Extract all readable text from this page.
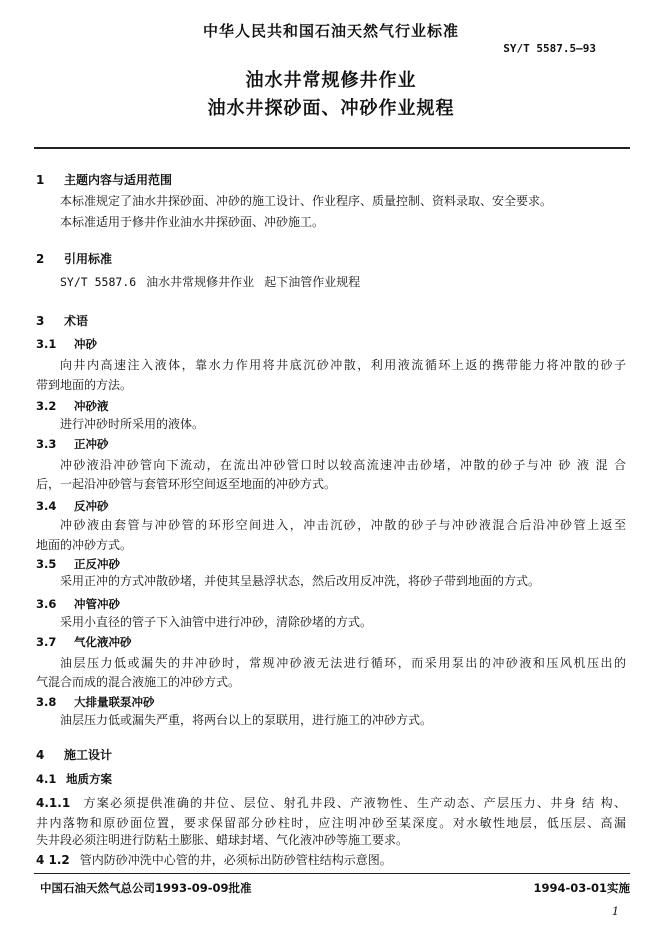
中华人民共和国石油天然气行业标准
SY/T 5587.5—93
油水井常规修井作业
油水井探砂面、冲砂作业规程
1 主题内容与适用范围
本标准规定了油水井探砂面、冲砂的施工设计、作业程序、质量控制、资料录取、安全要求。
本标准适用于修井作业油水井探砂面、冲砂施工。
2 引用标准
SY/T 5587.6 油水井常规修井作业 起下油管作业规程
3 术语
3.1 冲砂
向井内高速注入液体，靠水力作用将井底沉砂冲散，利用液流循环上返的携带能力将冲散的砂子
带到地面的方法。
3.2 冲砂液
进行冲砂时所采用的液体。
3.3 正冲砂
冲砂液沿冲砂管向下流动，在流出冲砂管口时以较高流速冲击砂堵，冲散的砂子与冲 砂 液 混 合
后，一起沿冲砂管与套管环形空间返至地面的冲砂方式。
3.4 反冲砂
冲砂液由套管与冲砂管的环形空间进入，冲击沉砂，冲散的砂子与冲砂液混合后沿冲砂管上返至
地面的冲砂方式。
3.5 正反冲砂
采用正冲的方式冲散砂堵，并使其呈悬浮状态，然后改用反冲洗，将砂子带到地面的方式。
3.6 冲管冲砂
采用小直径的管子下入油管中进行冲砂，清除砂堵的方式。
3.7 气化液冲砂
油层压力低或漏失的井冲砂时，常规冲砂液无法进行循环，而采用泵出的冲砂液和压风机压出的
气混合而成的混合液施工的冲砂方式。
3.8 大排量联泵冲砂
油层压力低或漏失严重，将两台以上的泵联用，进行施工的冲砂方式。
4 施工设计
4.1 地质方案
4.1.1 方案必须提供准确的井位、层位、射孔井段、产液物性、生产动态、产层压力、井身 结 构、
井内落物和原砂面位置，要求保留部分砂柱时，应注明冲砂至某深度。对水敏性地层，低压层、高漏
失井段必须注明进行防粘土膨胀、蜡球封堵、气化液冲砂等施工要求。
4 1.2 管内防砂冲洗中心管的井，必须标出防砂管柱结构示意图。
中国石油天然气总公司1993-09-09批准	1994-03-01实施
1
